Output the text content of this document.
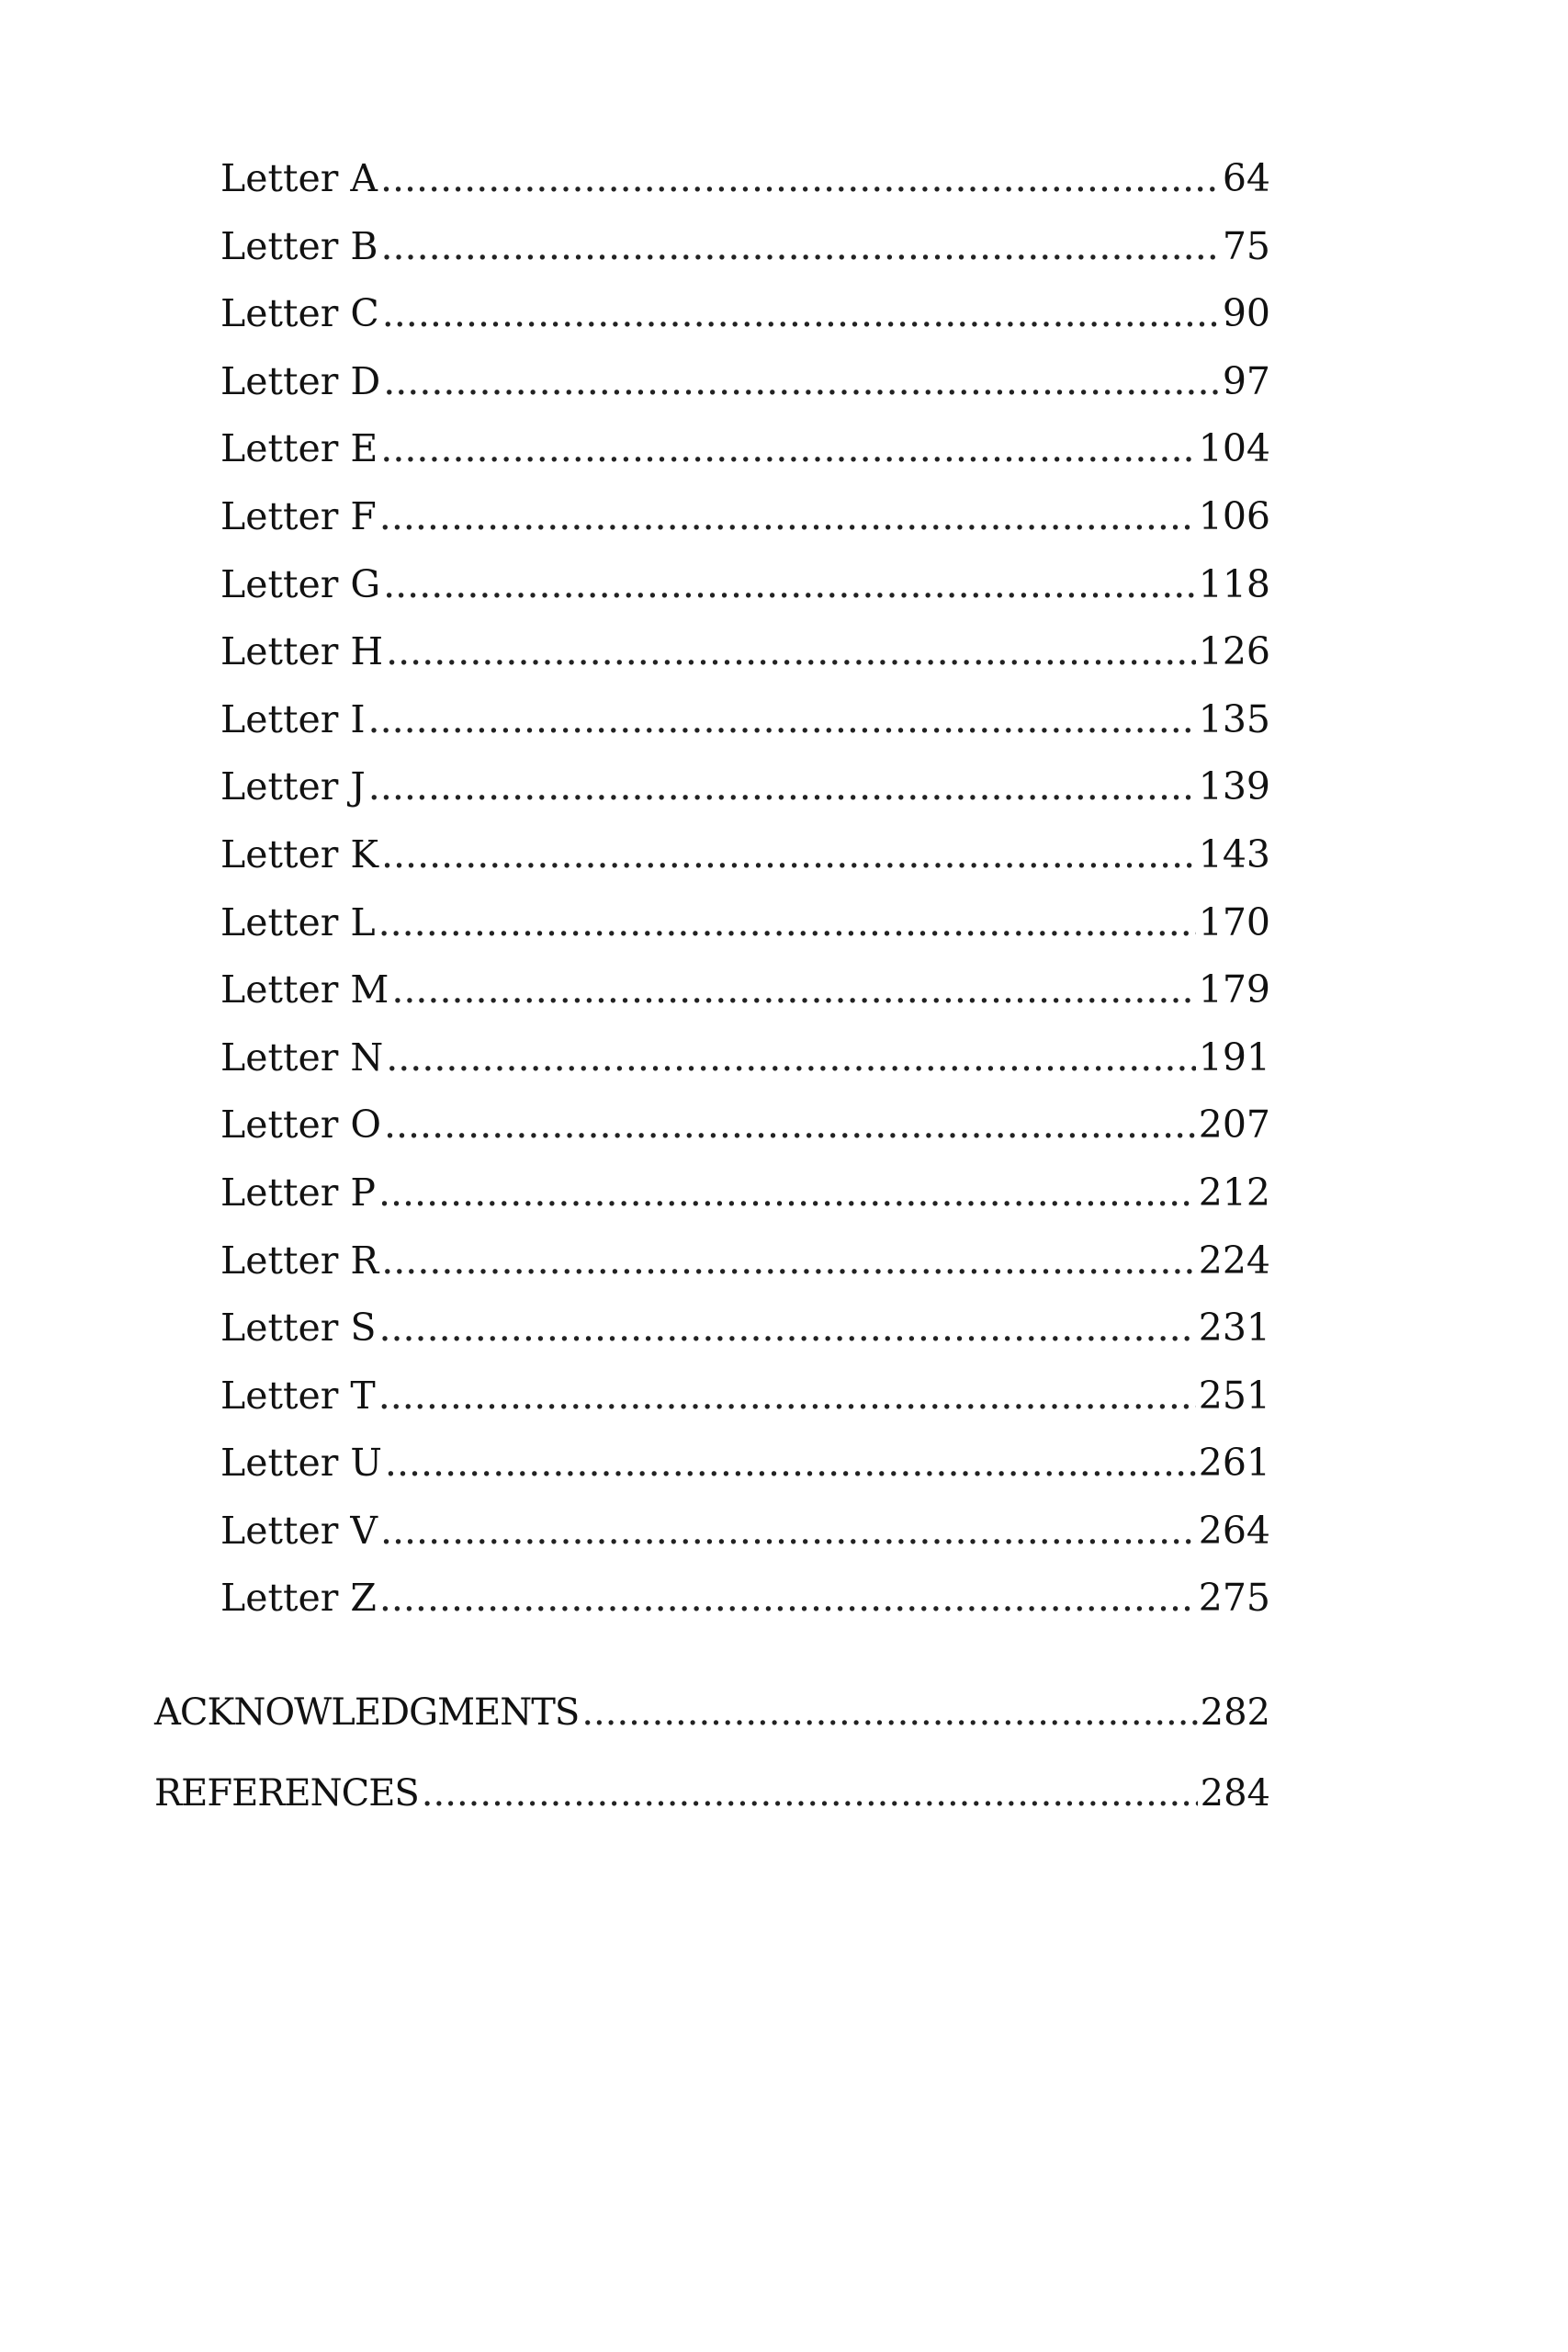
Letter A .....	64
Letter B .....	75
Letter C .....	90
Letter D .....	97
Letter E .....	104
Letter F .....	106
Letter G .....	118
Letter H .....	126
Letter I .....	135
Letter J .....	139
Letter K .....	143
Letter L .....	170
Letter M .....	179
Letter N .....	191
Letter O .....	207
Letter P .....	212
Letter R .....	224
Letter S .....	231
Letter T .....	251
Letter U .....	261
Letter V .....	264
Letter Z .....	275
ACKNOWLEDGMENTS .....	282
REFERENCES .....	284
